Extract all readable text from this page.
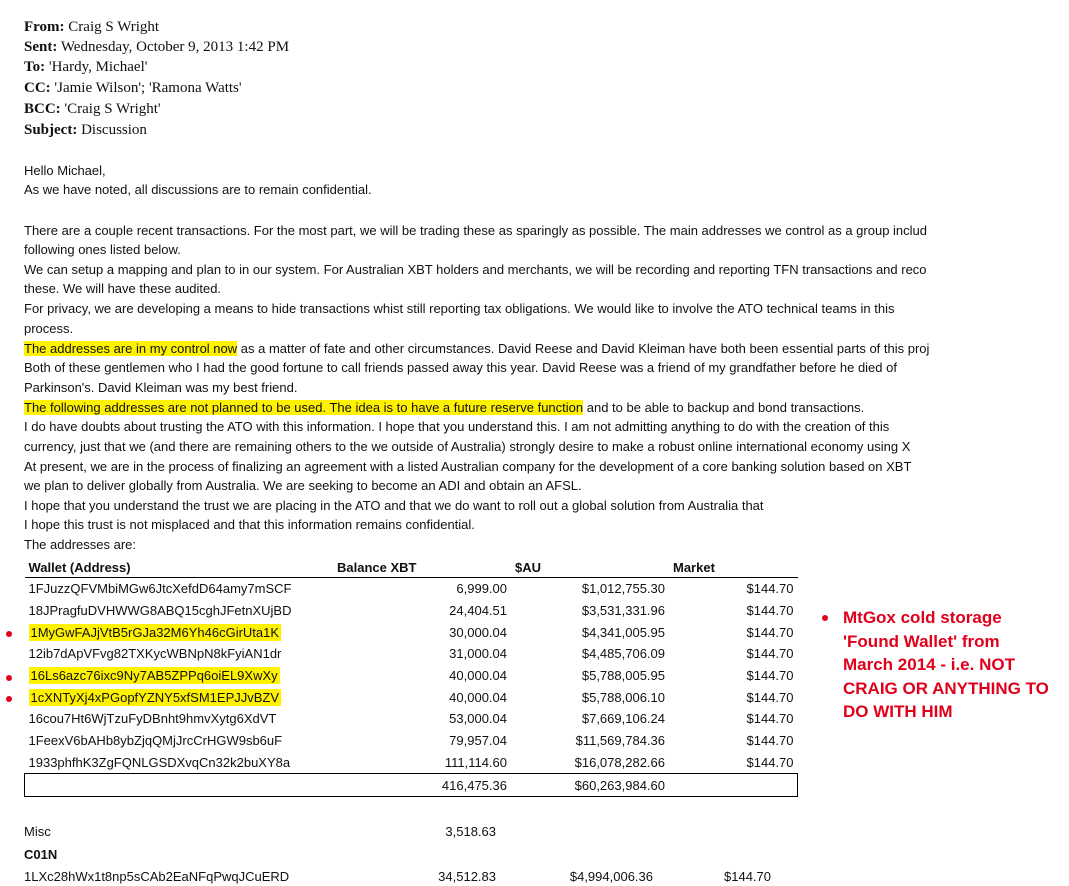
From: Craig S Wright
Sent: Wednesday, October 9, 2013 1:42 PM
To: 'Hardy, Michael'
CC: 'Jamie Wilson'; 'Ramona Watts'
BCC: 'Craig S Wright'
Subject: Discussion
Hello Michael,
As we have noted, all discussions are to remain confidential.
There are a couple recent transactions. For the most part, we will be trading these as sparingly as possible. The main addresses we control as a group includ
following ones listed below.
We can setup a mapping and plan to in our system. For Australian XBT holders and merchants, we will be recording and reporting TFN transactions and reco
these. We will have these audited.
For privacy, we are developing a means to hide transactions whist still reporting tax obligations. We would like to involve the ATO technical teams in this
process.
The addresses are in my control now as a matter of fate and other circumstances. David Reese and David Kleiman have both been essential parts of this proj
Both of these gentlemen who I had the good fortune to call friends passed away this year. David Reese was a friend of my grandfather before he died of
Parkinson's. David Kleiman was my best friend.
The following addresses are not planned to be used. The idea is to have a future reserve function and to be able to backup and bond transactions.
I do have doubts about trusting the ATO with this information. I hope that you understand this. I am not admitting anything to do with the creation of this
currency, just that we (and there are remaining others to the we outside of Australia) strongly desire to make a robust online international economy using X
At present, we are in the process of finalizing an agreement with a listed Australian company for the development of a core banking solution based on XBT
we plan to deliver globally from Australia. We are seeking to become an ADI and obtain an AFSL.
I hope that you understand the trust we are placing in the ATO and that we do want to roll out a global solution from Australia that
I hope this trust is not misplaced and that this information remains confidential.
The addresses are:
Wallet (Address)	Balance XBT	$AU	Market
1FJuzzQFVMbiMGw6JtcXefdD64amy7mSCF	6,999.00	$1,012,755.30	$144.70
18JPragfuDVHWWG8ABQ15cghJFetnXUjBD	24,404.51	$3,531,331.96	$144.70
1MyGwFAJjVtB5rGJa32M6Yh46cGirUta1K	30,000.04	$4,341,005.95	$144.70
12ib7dApVFvg82TXKycWBNpN8kFyiAN1dr	31,000.04	$4,485,706.09	$144.70
16Ls6azc76ixc9Ny7AB5ZPPq6oiEL9XwXy	40,000.04	$5,788,005.95	$144.70
1cXNTyXj4xPGopfYZNY5xfSM1EPJJvBZV	40,000.04	$5,788,006.10	$144.70
16cou7Ht6WjTzuFyDBnht9hmvXytg6XdVT	53,000.04	$7,669,106.24	$144.70
1FeexV6bAHb8ybZjqQMjJrcCrHGW9sb6uF	79,957.04	$11,569,784.36	$144.70
1933phfhK3ZgFQNLGSDXvqCn32k2buXY8a	111,114.60	$16,078,282.66	$144.70
	416,475.36	$60,263,984.60	
Misc	3,518.63
C01N
1LXc28hWx1t8np5sCAb2EaNFqPwqJCuERD	34,512.83	$4,994,006.36	$144.70
MtGox cold storage 'Found Wallet' from March 2014 - i.e. NOT CRAIG OR ANYTHING TO DO WITH HIM
